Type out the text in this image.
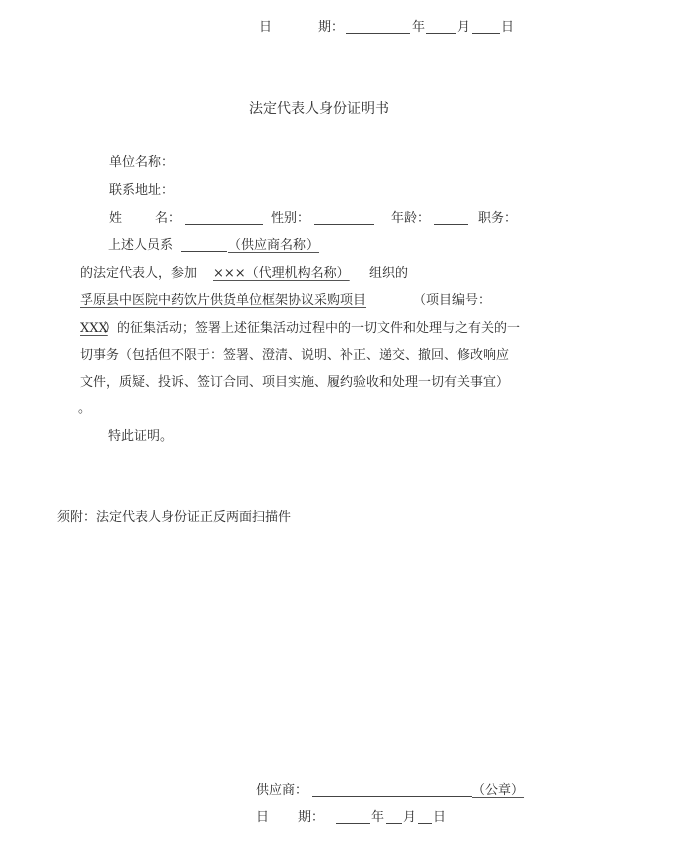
日	期：	年 月 日
法定代表人身份证明书
单位名称：
联系地址：
姓	名：	性别：	年龄：	职务：
上述人员系	（供应商名称）
的法定代表人，参加 ×××（代理机构名称） 组织的
孚原县中医院中药饮片供货单位框架协议采购项目	（项目编号：
XXX
）的征集活动；签署上述征集活动过程中的一切文件和处理与之有关的一
切事务（包括但不限于：签署、澄清、说明、补正、递交、撤回、修改响应
文件，质疑、投诉、签订合同、项目实施、履约验收和处理一切有关事宜）
。
特此证明。
须附：法定代表人身份证正反两面扫描件
供应商：	（公章）
日 期：	年 月 日
